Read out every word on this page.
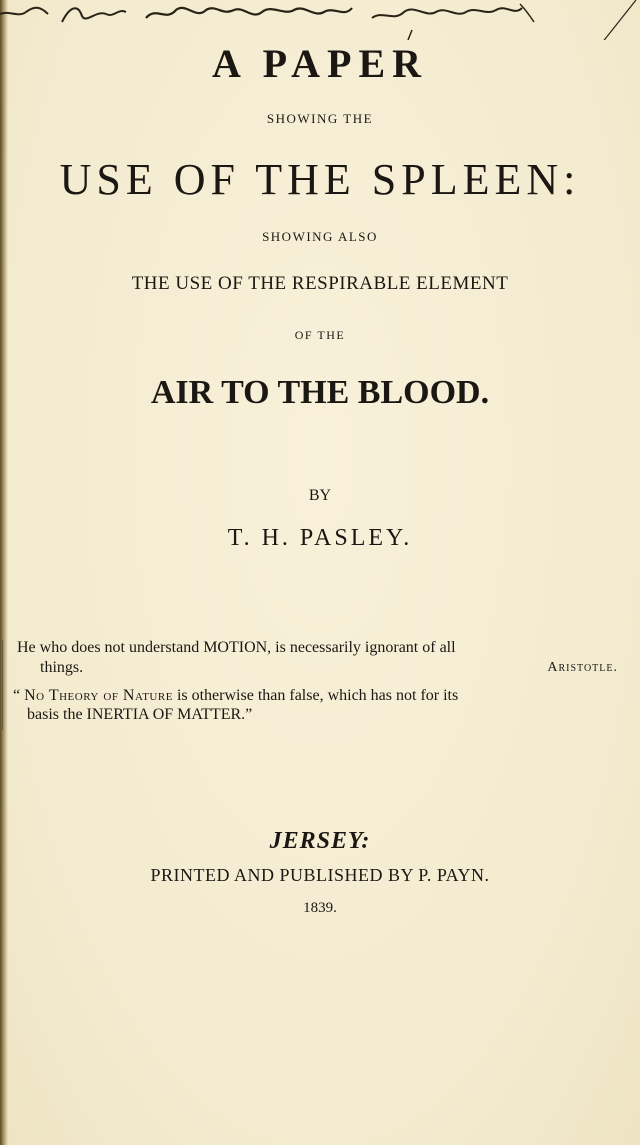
A PAPER
SHOWING THE
USE OF THE SPLEEN:
SHOWING ALSO
THE USE OF THE RESPIRABLE ELEMENT
OF THE
AIR TO THE BLOOD.
BY
T. H. PASLEY.
He who does not understand MOTION, is necessarily ignorant of all
things.	Aristotle.
“ No Theory of Nature is otherwise than false, which has not for its
basis the INERTIA OF MATTER.”
JERSEY:
PRINTED AND PUBLISHED BY P. PAYN.
1839.
